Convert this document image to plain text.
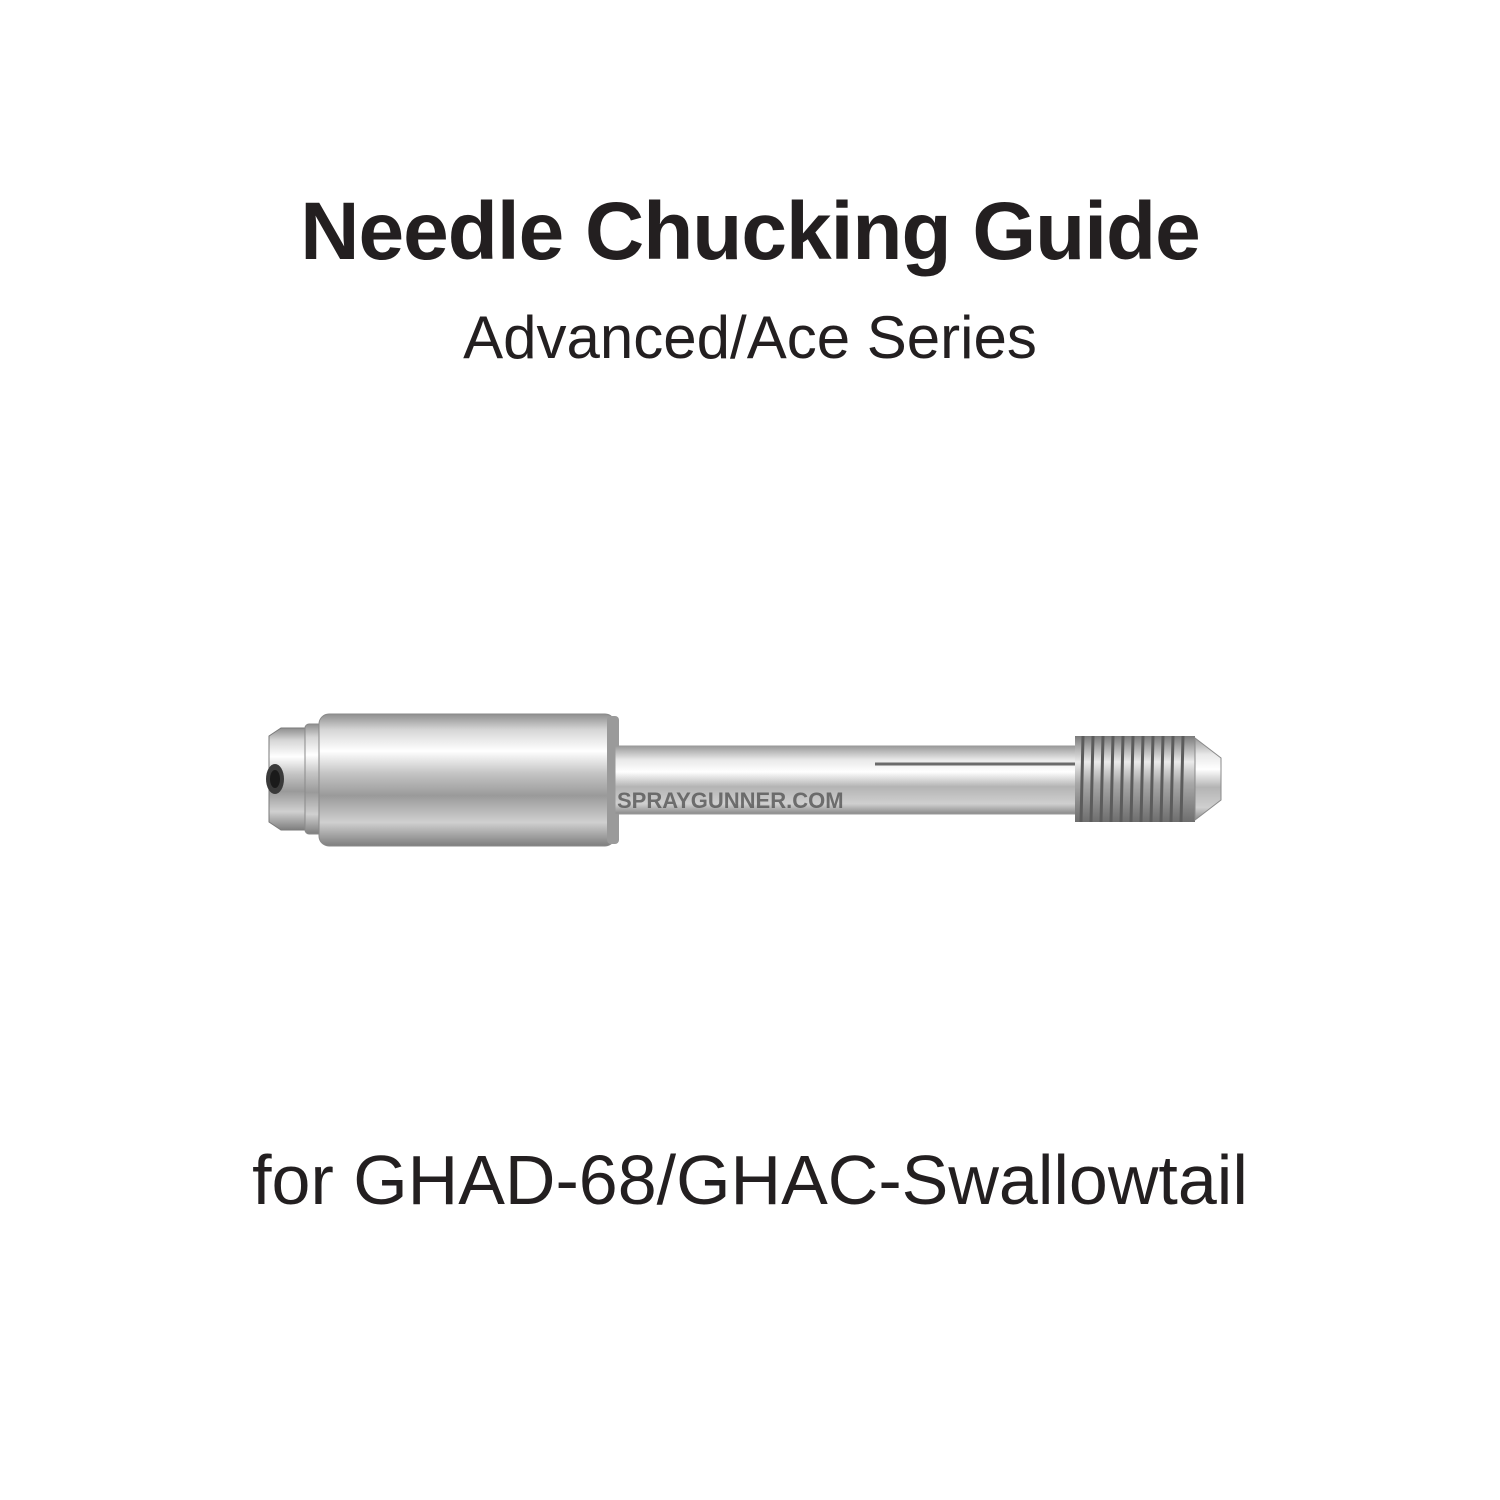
Needle Chucking Guide
Advanced/Ace Series
SPRAYGUNNER.COM
for GHAD-68/GHAC-Swallowtail
